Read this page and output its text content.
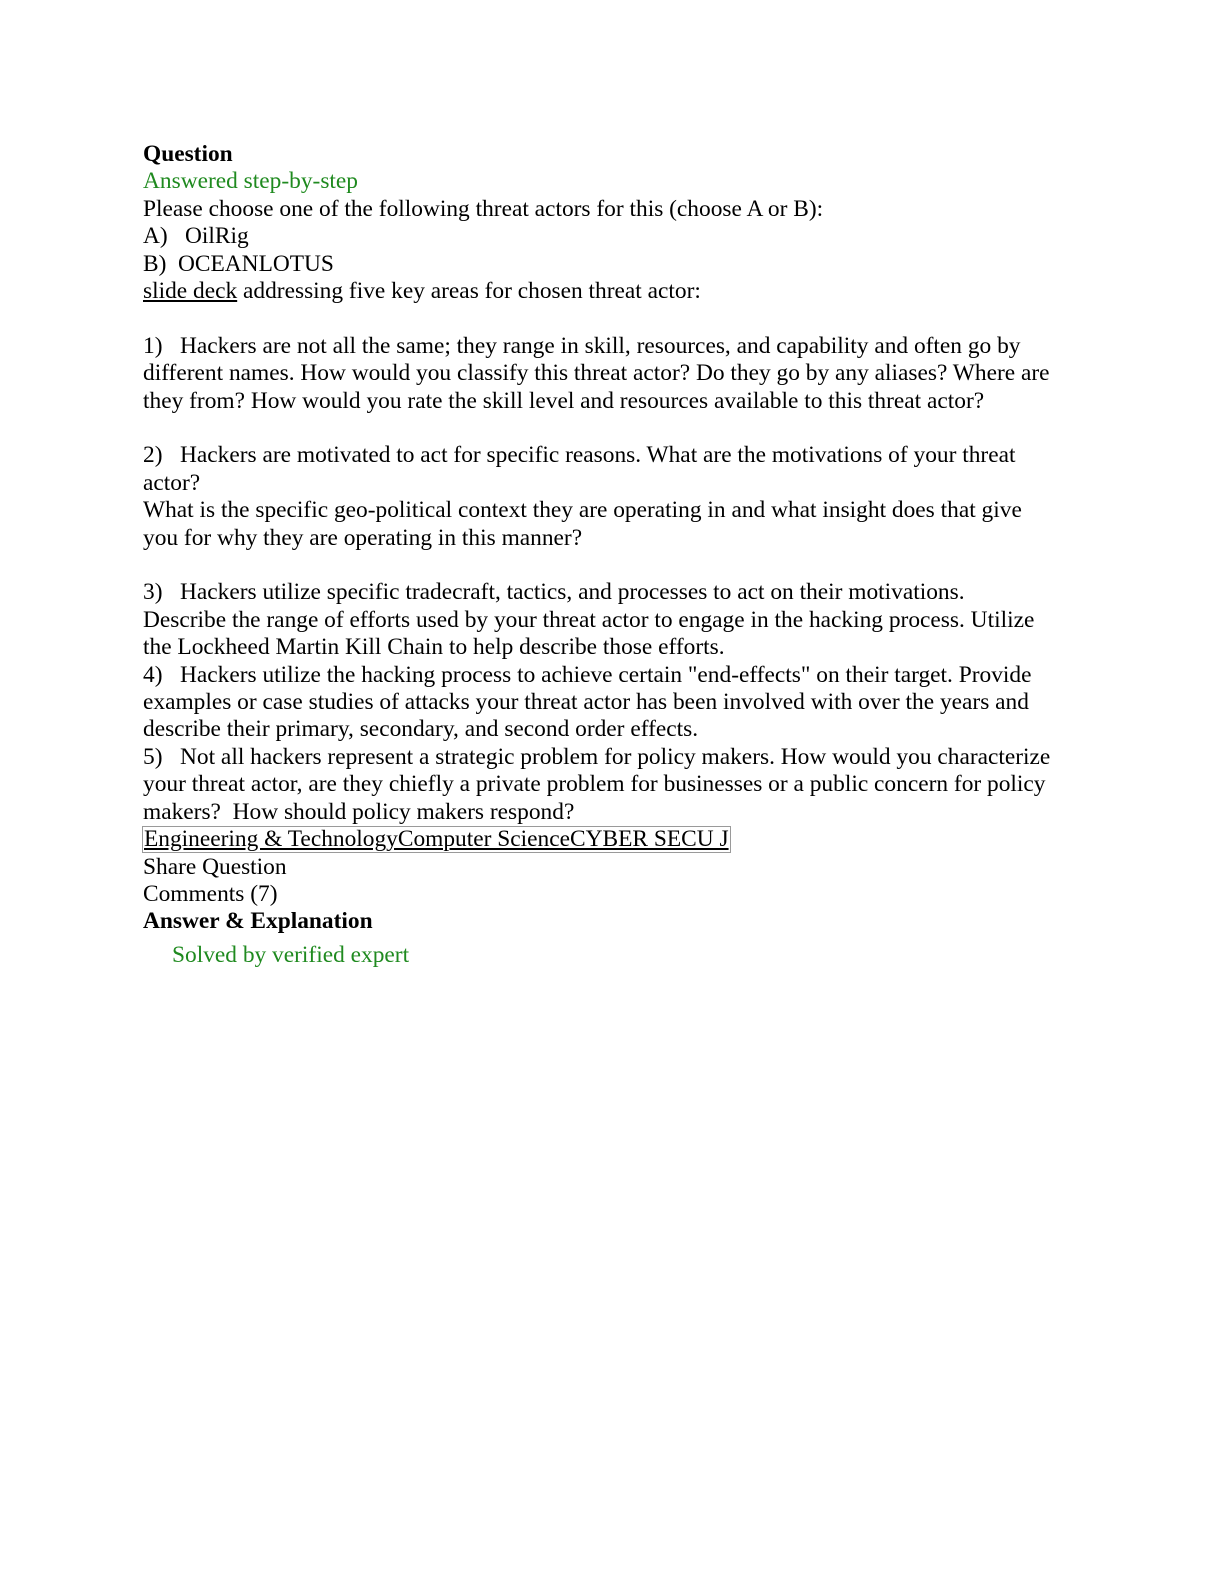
Question
Answered step-by-step
Please choose one of the following threat actors for this (choose A or B):
A) OilRig
B) OCEANLOTUS
slide deck addressing five key areas for chosen threat actor:
1) Hackers are not all the same; they range in skill, resources, and capability and often go by
different names. How would you classify this threat actor? Do they go by any aliases? Where are
they from? How would you rate the skill level and resources available to this threat actor?
2) Hackers are motivated to act for specific reasons. What are the motivations of your threat
actor?
What is the specific geo-political context they are operating in and what insight does that give
you for why they are operating in this manner?
3) Hackers utilize specific tradecraft, tactics, and processes to act on their motivations.
Describe the range of efforts used by your threat actor to engage in the hacking process. Utilize
the Lockheed Martin Kill Chain to help describe those efforts.
4) Hackers utilize the hacking process to achieve certain "end-effects" on their target. Provide
examples or case studies of attacks your threat actor has been involved with over the years and
describe their primary, secondary, and second order effects.
5) Not all hackers represent a strategic problem for policy makers. How would you characterize
your threat actor, are they chiefly a private problem for businesses or a public concern for policy
makers?  How should policy makers respond?
Engineering & TechnologyComputer ScienceCYBER SECU J
Share Question
Comments (7)
Answer & Explanation
Solved by verified expert
